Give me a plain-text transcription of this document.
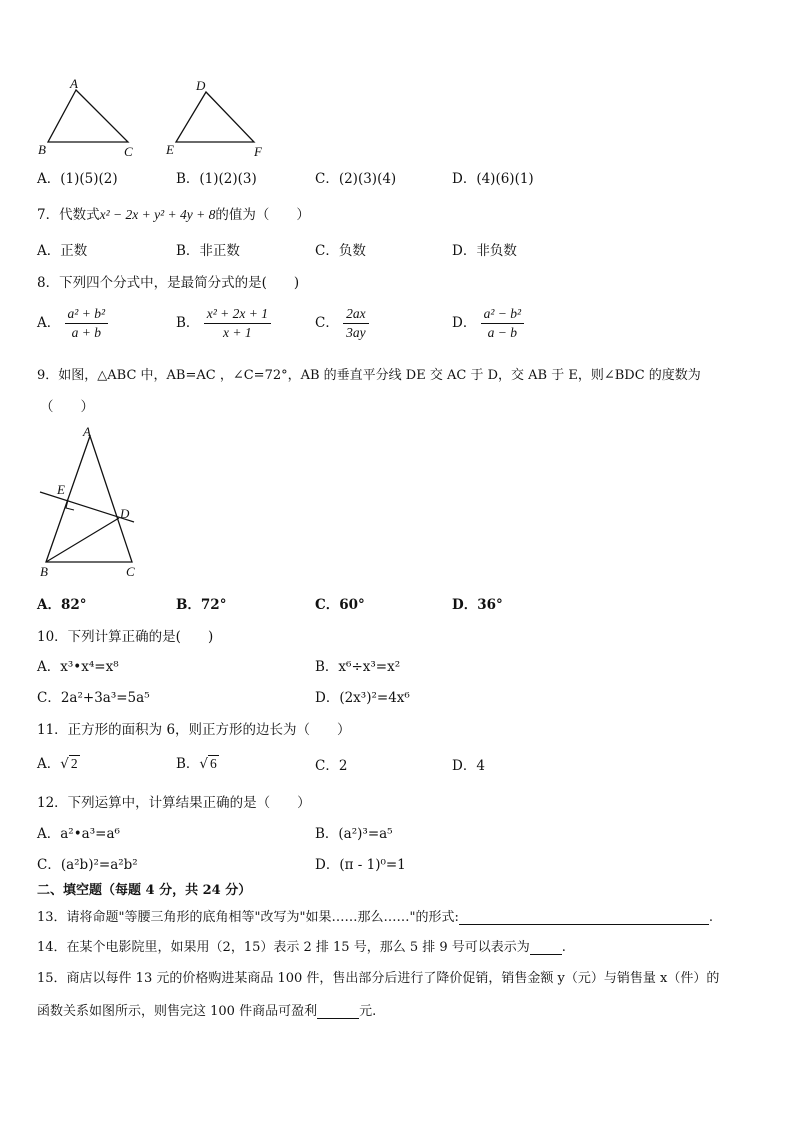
A
B	C
D
E	F
A．(1)(5)(2)	B．(1)(2)(3)	C．(2)(3)(4)	D．(4)(6)(1)
7．代数式x² − 2x + y² + 4y + 8的值为（　　）
A．正数	B．非正数	C．负数	D．非负数
8．下列四个分式中，是最简分式的是(　　)
A． $\frac{\text{a² + b²}}{a + b}$	B． $\frac{\text{x² + 2x + 1}}{x + 1}$	C． $\frac{2ax}{3ay}$	D． $\frac{\text{a² − b²}}{a - b}$
9．如图，△ABC 中，AB=AC ，∠C=72°，AB 的垂直平分线 DE 交 AC 于 D，交 AB 于 E，则∠BDC 的度数为
（　　）
A
E
D
B	C
A．82°	B．72°	C．60°	D．36°
10．下列计算正确的是(　　)
A．x³•x⁴=x⁸	B．x⁶÷x³=x²
C．2a²+3a³=5a⁵	D．(2x³)²=4x⁶
11．正方形的面积为 6，则正方形的边长为（　　）
A．√ 2	B．√ 6	C．2	D．4
12．下列运算中，计算结果正确的是（　　）
A．a²•a³=a⁶	B．(a²)³=a⁵
C．(a²b)²=a²b²	D．(π - 1)⁰=1
二、填空题（每题 4 分，共 24 分）
13．请将命题"等腰三角形的底角相等"改写为"如果……那么……"的形式:	.
14．在某个电影院里，如果用（2，15）表示 2 排 15 号，那么 5 排 9 号可以表示为 .
15．商店以每件 13 元的价格购进某商品 100 件，售出部分后进行了降价促销，销售金额 y（元）与销售量 x（件）的
函数关系如图所示，则售完这 100 件商品可盈利	元.
